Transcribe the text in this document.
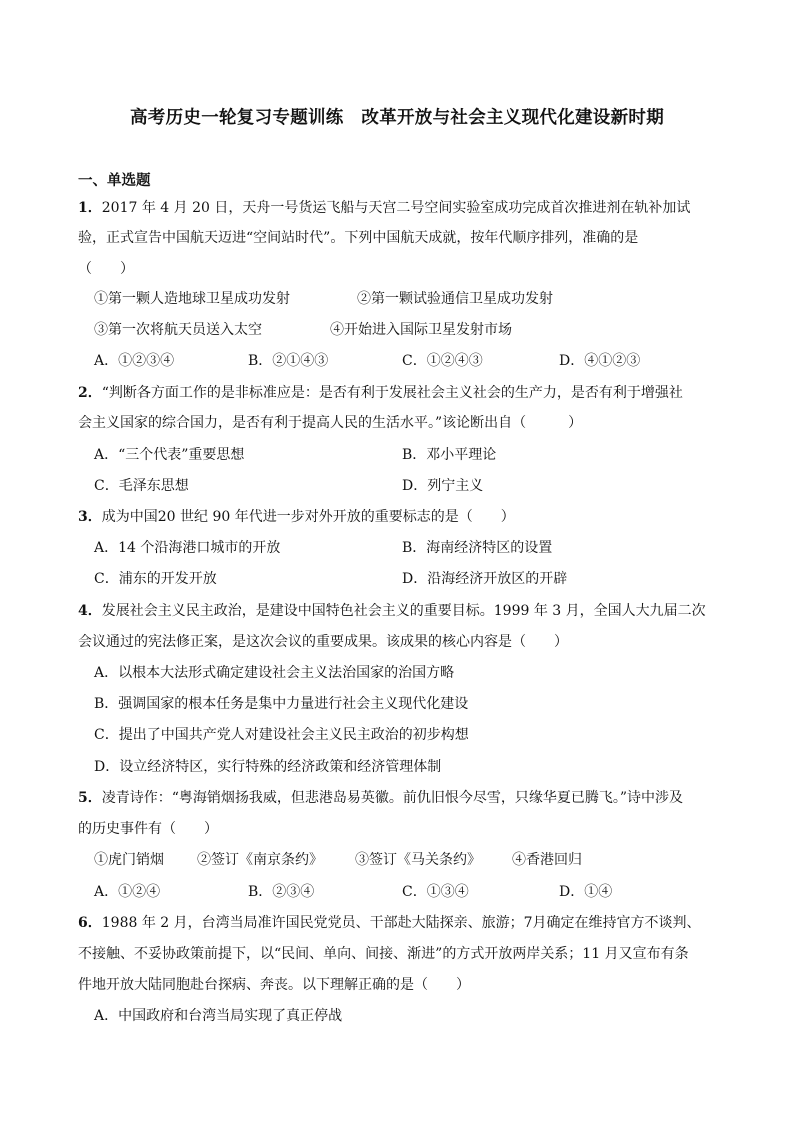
高考历史一轮复习专题训练　改革开放与社会主义现代化建设新时期
一、单选题
1．2017 年 4 月 20 日，天舟一号货运飞船与天宫二号空间实验室成功完成首次推进剂在轨补加试
验，正式宣告中国航天迈进“空间站时代”。下列中国航天成就，按年代顺序排列，准确的是
（　　）
①第一颗人造地球卫星成功发射	②第一颗试验通信卫星成功发射
③第一次将航天员送入太空	④开始进入国际卫星发射市场
A．①②③④	B．②①④③	C．①②④③	D．④①②③
2．“判断各方面工作的是非标准应是：是否有利于发展社会主义社会的生产力，是否有利于增强社
会主义国家的综合国力，是否有利于提高人民的生活水平。”该论断出自（　　　）
A．“三个代表”重要思想	B．邓小平理论
C．毛泽东思想	D．列宁主义
3．成为中国20 世纪 90 年代进一步对外开放的重要标志的是（　　）
A．14 个沿海港口城市的开放	B．海南经济特区的设置
C．浦东的开发开放	D．沿海经济开放区的开辟
4．发展社会主义民主政治，是建设中国特色社会主义的重要目标。1999 年 3 月，全国人大九届二次
会议通过的宪法修正案，是这次会议的重要成果。该成果的核心内容是（　　）
A．以根本大法形式确定建设社会主义法治国家的治国方略
B．强调国家的根本任务是集中力量进行社会主义现代化建设
C．提出了中国共产党人对建设社会主义民主政治的初步构想
D．设立经济特区，实行特殊的经济政策和经济管理体制
5．凌青诗作：“粤海销烟扬我威，但悲港岛易英徽。前仇旧恨今尽雪，只缘华夏已腾飞。”诗中涉及
的历史事件有（　　）
①虎门销烟 ②签订《南京条约》 ③签订《马关条约》 ④香港回归
A．①②④	B．②③④	C．①③④	D．①④
6．1988 年 2 月，台湾当局准许国民党党员、干部赴大陆探亲、旅游；7月确定在维持官方不谈判、
不接触、不妥协政策前提下，以“民间、单向、间接、渐进”的方式开放两岸关系；11 月又宣布有条
件地开放大陆同胞赴台探病、奔丧。以下理解正确的是（　　）
A．中国政府和台湾当局实现了真正停战
